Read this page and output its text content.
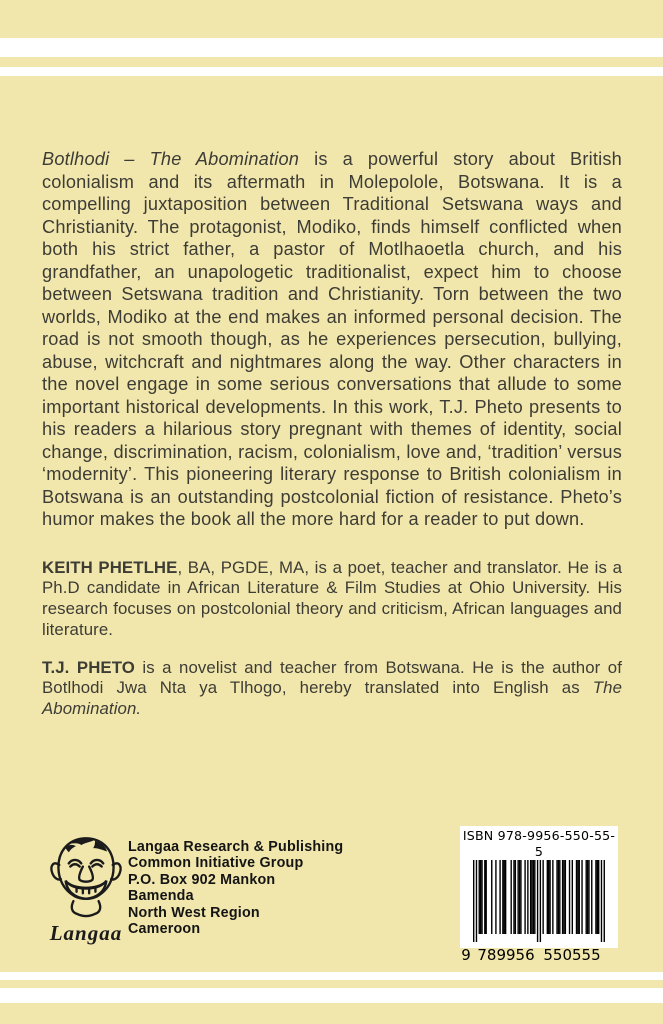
Botlhodi – The Abomination is a powerful story about British colonialism and its aftermath in Molepolole, Botswana. It is a compelling juxtaposition between Traditional Setswana ways and Christianity. The protagonist, Modiko, finds himself conflicted when both his strict father, a pastor of Motlhaoetla church, and his grandfather, an unapologetic traditionalist, expect him to choose between Setswana tradition and Christianity. Torn between the two worlds, Modiko at the end makes an informed personal decision. The road is not smooth though, as he experiences persecution, bullying, abuse, witchcraft and nightmares along the way. Other characters in the novel engage in some serious conversations that allude to some important historical developments. In this work, T.J. Pheto presents to his readers a hilarious story pregnant with themes of identity, social change, discrimination, racism, colonialism, love and, ‘tradition’ versus ‘modernity’. This pioneering literary response to British colonialism in Botswana is an outstanding postcolonial fiction of resistance. Pheto’s humor makes the book all the more hard for a reader to put down.

KEITH PHETLHE, BA, PGDE, MA, is a poet, teacher and translator. He is a Ph.D candidate in African Literature & Film Studies at Ohio University. His research focuses on postcolonial theory and criticism, African languages and literature.

T.J. PHETO is a novelist and teacher from Botswana. He is the author of Botlhodi Jwa Nta ya Tlhogo, hereby translated into English as The Abomination.

Langaa
Langaa Research & Publishing
Common Initiative Group
P.O. Box 902 Mankon
Bamenda
North West Region
Cameroon
ISBN 978-9956-550-55-5
9 789956 550555
